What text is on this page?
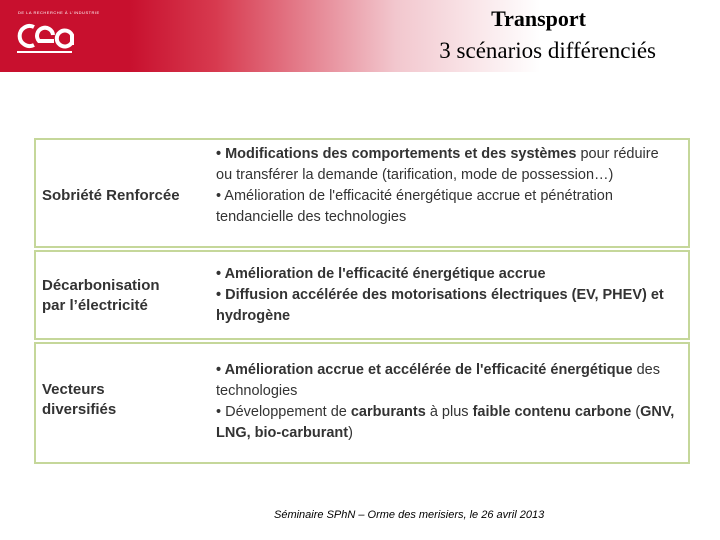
DE LA RECHERCHE À L'INDUSTRIE	Transport
3 scénarios différenciés
Sobriété Renforcée
• Modifications des comportements et des systèmes pour réduire ou transférer la demande (tarification, mode de possession…)
• Amélioration de l'efficacité énergétique accrue et pénétration tendancielle des technologies
Décarbonisation
par l’électricité
• Amélioration de l'efficacité énergétique accrue
• Diffusion accélérée des motorisations électriques (EV, PHEV) et hydrogène
Vecteurs
diversifiés
• Amélioration accrue et accélérée de l'efficacité énergétique des technologies
• Développement de carburants à plus faible contenu carbone (GNV, LNG, bio-carburant)
Séminaire SPhN – Orme des merisiers, le 26 avril 2013
